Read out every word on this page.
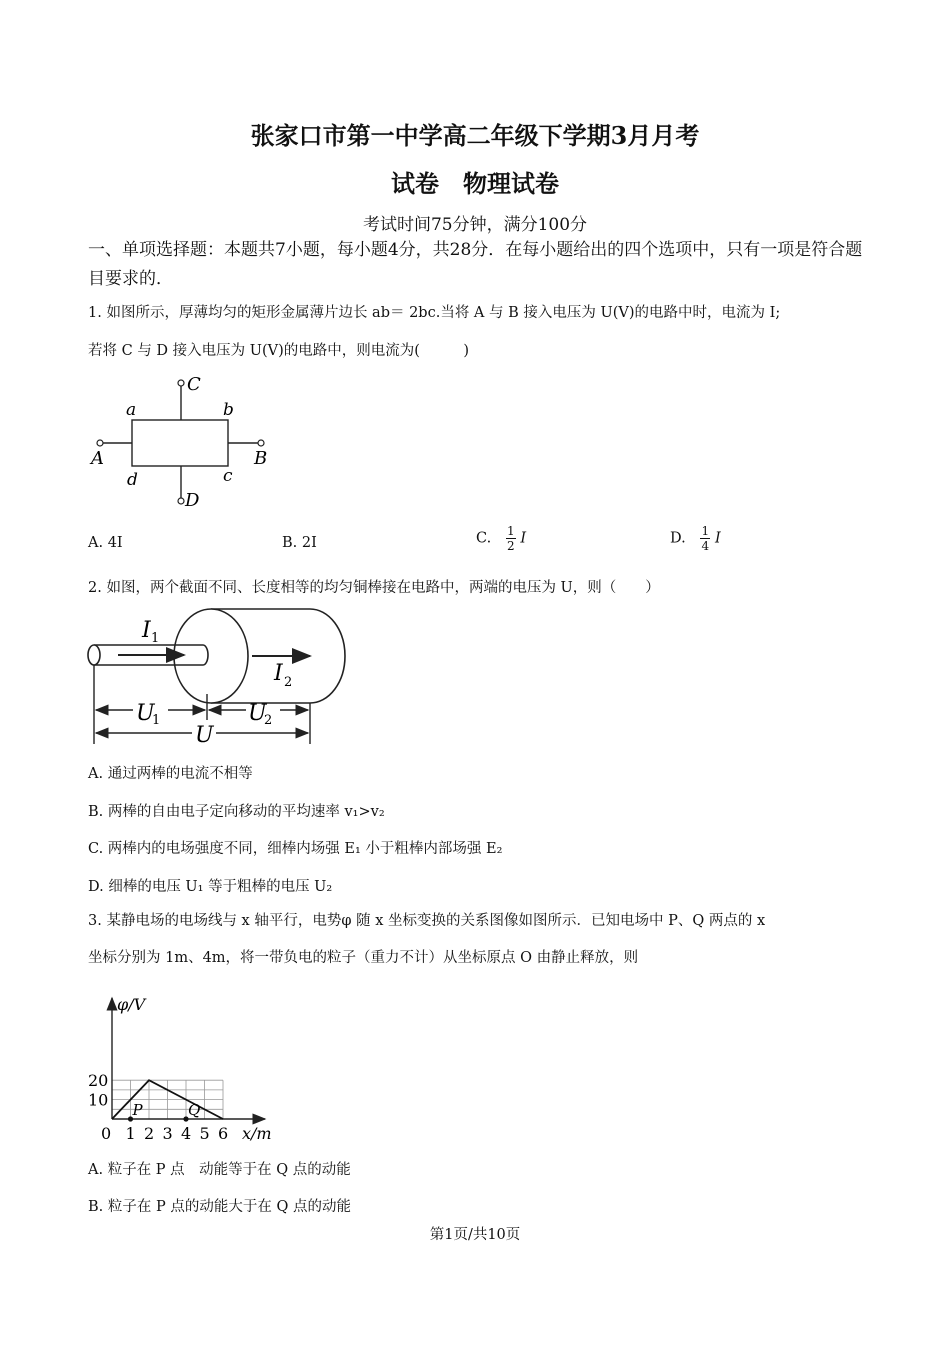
张家口市第一中学高二年级下学期3月月考
试卷　物理试卷
考试时间75分钟，满分100分
一、单项选择题：本题共7小题，每小题4分，共28分．在每小题给出的四个选项中，只有一项是符合题目要求的．
1. 如图所示，厚薄均匀的矩形金属薄片边长 ab＝ 2bc.当将 A 与 B 接入电压为 U(V)的电路中时，电流为 I;
若将 C 与 D 接入电压为 U(V)的电路中，则电流为(　　　)
C
D
A	B
a	b
c
d
A. 4I	B. 2I	C. $\frac{1}{2}$ I	D. $\frac{1}{4}$ I
2. 如图，两个截面不同、长度相等的均匀铜棒接在电路中，两端的电压为 U，则（　　）
I 1
I 2
U
1	U
2
U
A. 通过两棒的电流不相等
B. 两棒的自由电子定向移动的平均速率 v₁>v₂
C. 两棒内的电场强度不同，细棒内场强 E₁ 小于粗棒内部场强 E₂
D. 细棒的电压 U₁ 等于粗棒的电压 U₂
3. 某静电场的电场线与 x 轴平行，电势φ 随 x 坐标变换的关系图像如图所示．已知电场中 P、Q 两点的 x
坐标分别为 1m、4m，将一带负电的粒子（重力不计）从坐标原点 O 由静止释放，则
0 1 2 3 4 5 6
10
20
P	Q
φ/V
x/m
A. 粒子在 P 点　动能等于在 Q 点的动能
B. 粒子在 P 点的动能大于在 Q 点的动能
第1页/共10页
